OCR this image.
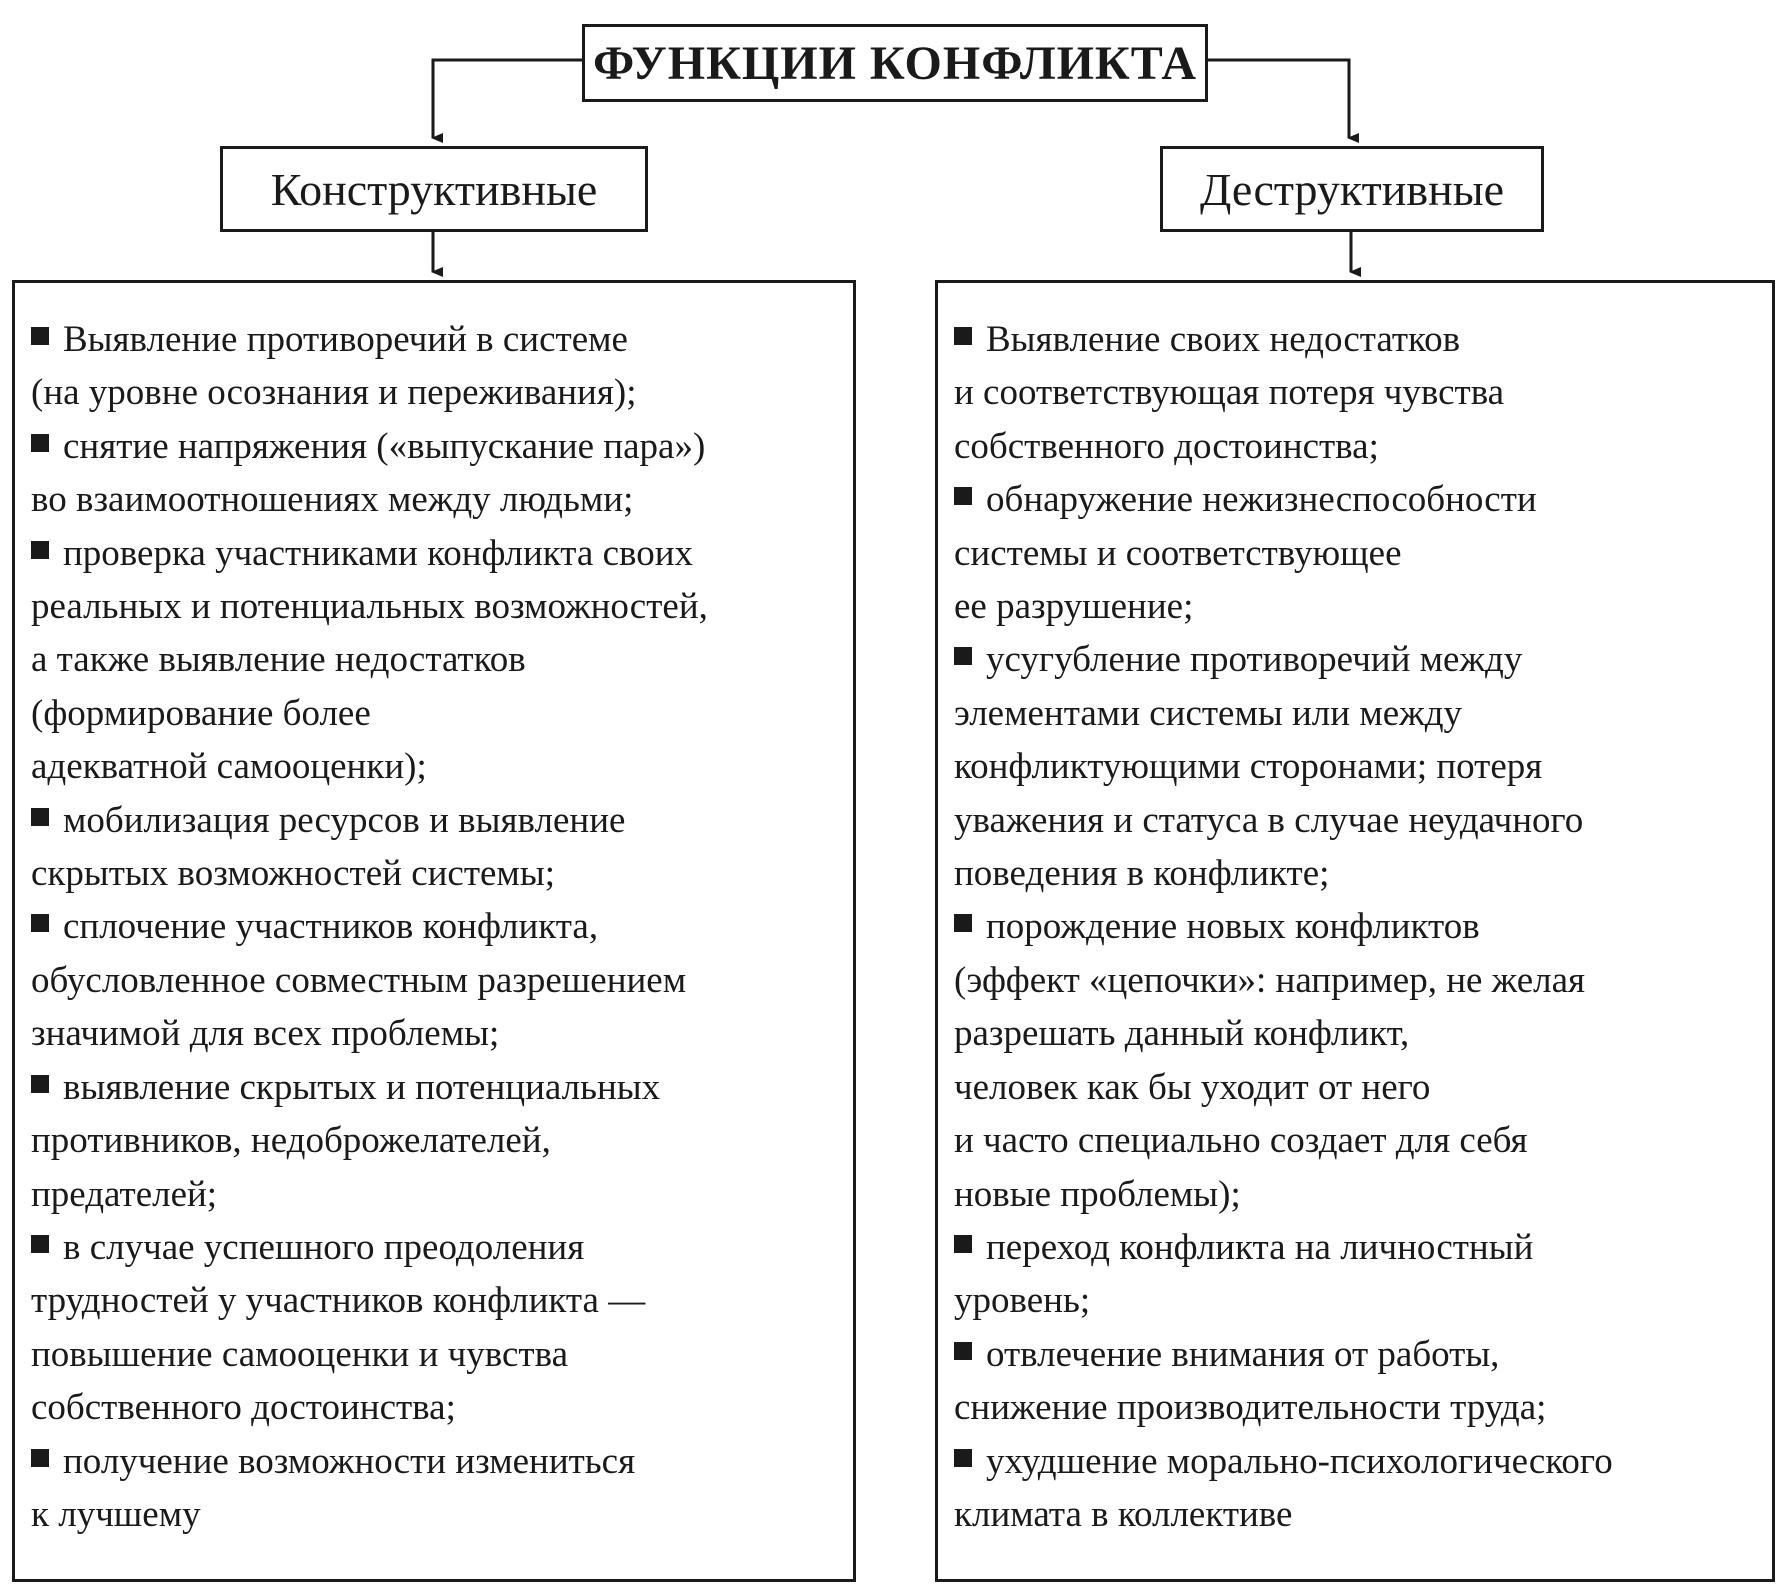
ФУНКЦИИ КОНФЛИКТА
Конструктивные	Деструктивные
Выявление противоречий в системе
(на уровне осознания и переживания);
снятие напряжения («выпускание пара»)
во взаимоотношениях между людьми;
проверка участниками конфликта своих
реальных и потенциальных возможностей,
а также выявление недостатков
(формирование более
адекватной самооценки);
мобилизация ресурсов и выявление
скрытых возможностей системы;
сплочение участников конфликта,
обусловленное совместным разрешением
значимой для всех проблемы;
выявление скрытых и потенциальных
противников, недоброжелателей,
предателей;
в случае успешного преодоления
трудностей у участников конфликта —
повышение самооценки и чувства
собственного достоинства;
получение возможности измениться
к лучшему
Выявление своих недостатков
и соответствующая потеря чувства
собственного достоинства;
обнаружение нежизнеспособности
системы и соответствующее
ее разрушение;
усугубление противоречий между
элементами системы или между
конфликтующими сторонами; потеря
уважения и статуса в случае неудачного
поведения в конфликте;
порождение новых конфликтов
(эффект «цепочки»: например, не желая
разрешать данный конфликт,
человек как бы уходит от него
и часто специально создает для себя
новые проблемы);
переход конфликта на личностный
уровень;
отвлечение внимания от работы,
снижение производительности труда;
ухудшение морально-психологического
климата в коллективе
